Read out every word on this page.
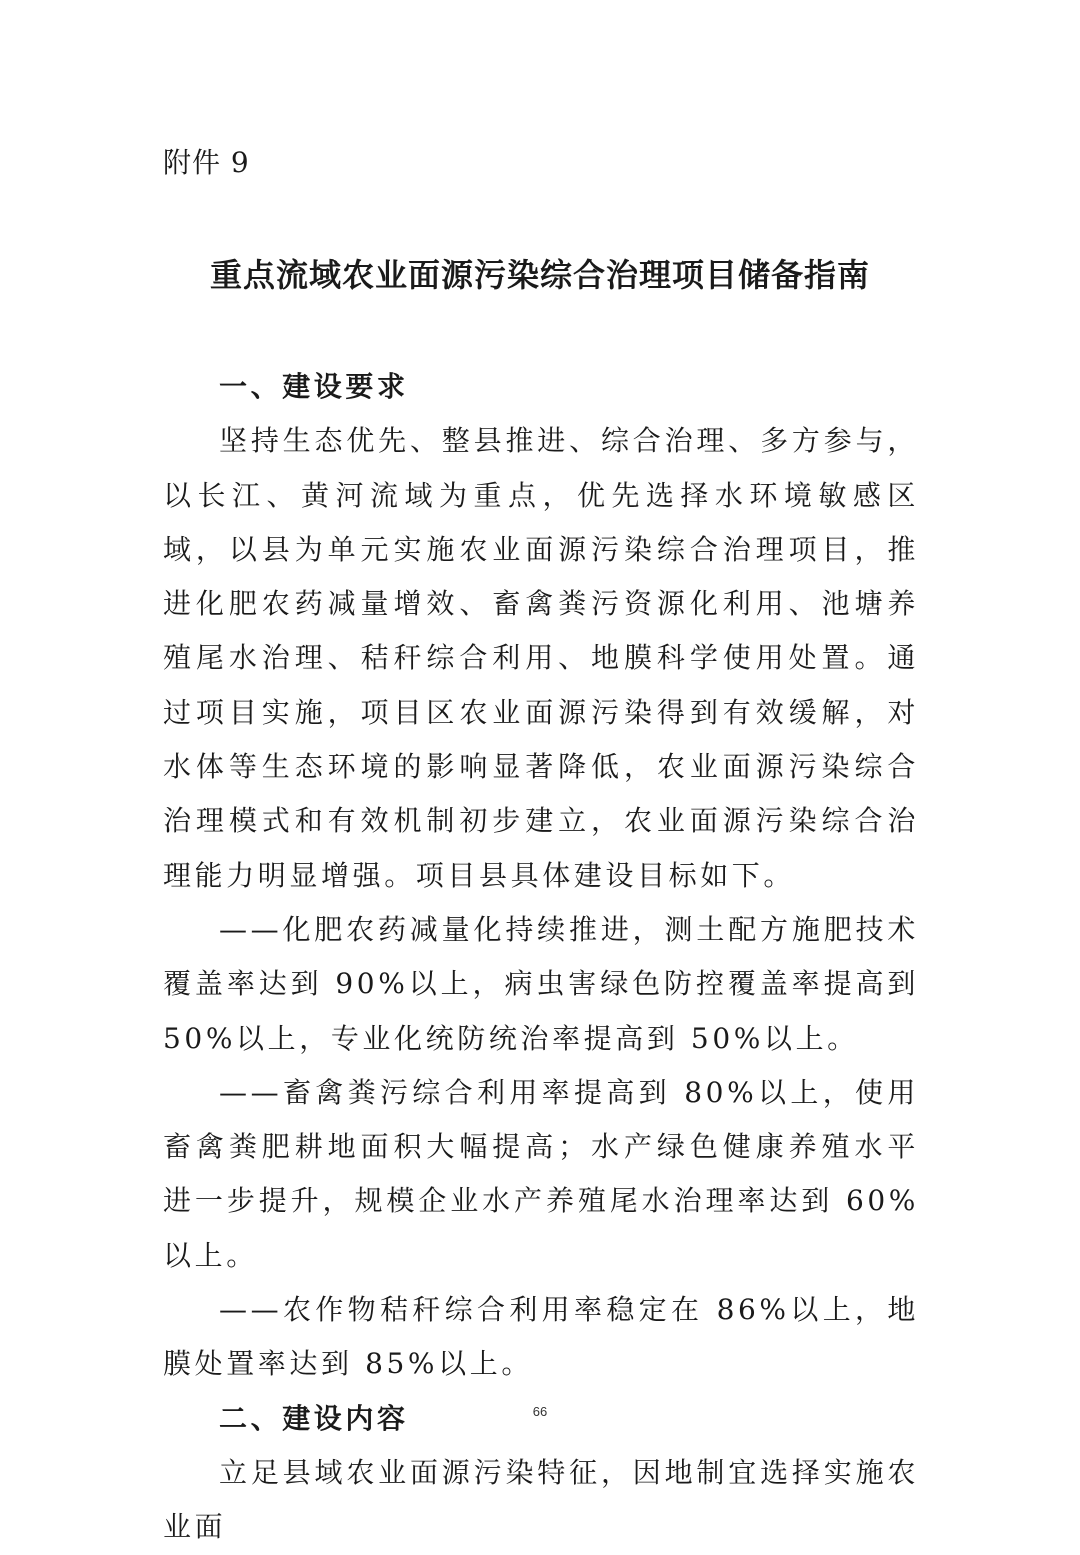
附件 9
重点流域农业面源污染综合治理项目储备指南

一、建设要求

坚持生态优先、整县推进、综合治理、多方参与，以长江、黄河流域为重点，优先选择水环境敏感区域，以县为单元实施农业面源污染综合治理项目，推进化肥农药减量增效、畜禽粪污资源化利用、池塘养殖尾水治理、秸秆综合利用、地膜科学使用处置。通过项目实施，项目区农业面源污染得到有效缓解，对水体等生态环境的影响显著降低，农业面源污染综合治理模式和有效机制初步建立，农业面源污染综合治理能力明显增强。项目县具体建设目标如下。

——化肥农药减量化持续推进，测土配方施肥技术覆盖率达到 90%以上，病虫害绿色防控覆盖率提高到 50%以上，专业化统防统治率提高到 50%以上。

——畜禽粪污综合利用率提高到 80%以上，使用畜禽粪肥耕地面积大幅提高；水产绿色健康养殖水平进一步提升，规模企业水产养殖尾水治理率达到 60%以上。

——农作物秸秆综合利用率稳定在 86%以上，地膜处置率达到 85%以上。

二、建设内容

立足县域农业面源污染特征，因地制宜选择实施农业面

66
